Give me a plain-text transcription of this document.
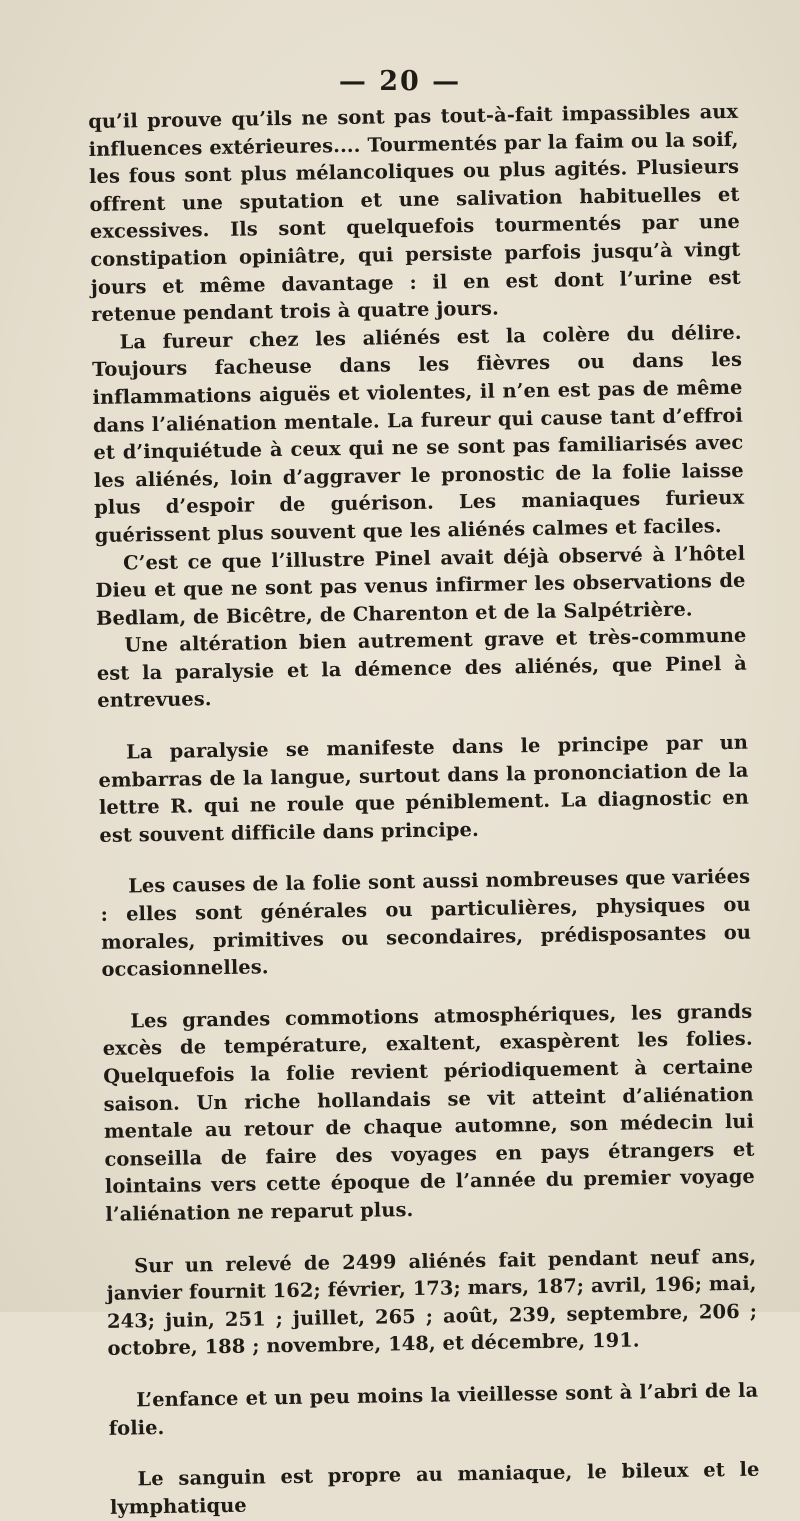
— 20 —

qu’il prouve qu’ils ne sont pas tout-à-fait impassibles aux influences extérieures.... Tourmentés par la faim ou la soif, les fous sont plus mélancoliques ou plus agités. Plusieurs offrent une sputation et une salivation habituelles et excessives. Ils sont quelquefois tourmentés par une constipation opiniâtre, qui persiste parfois jusqu’à vingt jours et même davantage : il en est dont l’urine est retenue pendant trois à quatre jours.

La fureur chez les aliénés est la colère du délire. Toujours facheuse dans les fièvres ou dans les inflammations aiguës et violentes, il n’en est pas de même dans l’aliénation mentale. La fureur qui cause tant d’effroi et d’inquiétude à ceux qui ne se sont pas familiarisés avec les aliénés, loin d’aggraver le pronostic de la folie laisse plus d’espoir de guérison. Les maniaques furieux guérissent plus souvent que les aliénés calmes et faciles.

C’est ce que l’illustre Pinel avait déjà observé à l’hôtel Dieu et que ne sont pas venus infirmer les observations de Bedlam, de Bicêtre, de Charenton et de la Salpétrière.

Une altération bien autrement grave et très-commune est la paralysie et la démence des aliénés, que Pinel à entrevues.

La paralysie se manifeste dans le principe par un embarras de la langue, surtout dans la prononciation de la lettre R. qui ne roule que péniblement. La diagnostic en est souvent difficile dans principe.

Les causes de la folie sont aussi nombreuses que variées : elles sont générales ou particulières, physiques ou morales, primitives ou secondaires, prédisposantes ou occasionnelles.

Les grandes commotions atmosphériques, les grands excès de température, exaltent, exaspèrent les folies. Quelquefois la folie revient périodiquement à certaine saison. Un riche hollandais se vit atteint d’aliénation mentale au retour de chaque automne, son médecin lui conseilla de faire des voyages en pays étrangers et lointains vers cette époque de l’année du premier voyage l’aliénation ne reparut plus.

Sur un relevé de 2499 aliénés fait pendant neuf ans, janvier fournit 162; février, 173; mars, 187; avril, 196; mai, 243; juin, 251 ; juillet, 265 ; août, 239, septembre, 206 ; octobre, 188 ; novembre, 148, et décembre, 191.

L’enfance et un peu moins la vieillesse sont à l’abri de la folie.

Le sanguin est propre au maniaque, le bileux et le lymphatique
